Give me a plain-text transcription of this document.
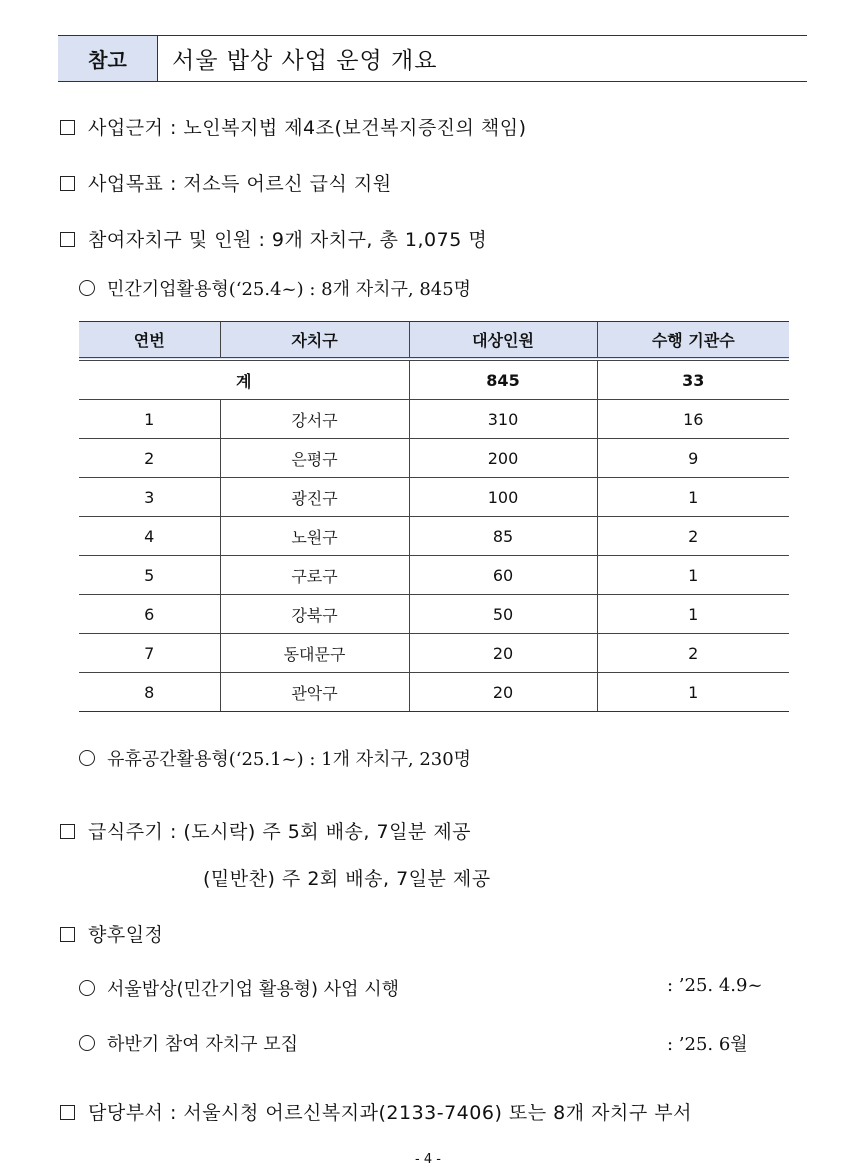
참고	서울 밥상 사업 운영 개요
사업근거 : 노인복지법 제4조(보건복지증진의 책임)
사업목표 : 저소득 어르신 급식 지원
참여자치구 및 인원 : 9개 자치구, 총 1,075 명
민간기업활용형(‘25.4~) : 8개 자치구, 845명
연번	자치구	대상인원	수행 기관수
계		845	33
1	강서구	310	16
2	은평구	200	9
3	광진구	100	1
4	노원구	85	2
5	구로구	60	1
6	강북구	50	1
7	동대문구	20	2
8	관악구	20	1
유휴공간활용형(‘25.1~) : 1개 자치구, 230명
급식주기 : (도시락) 주 5회 배송, 7일분 제공
(밑반찬) 주 2회 배송, 7일분 제공
향후일정
서울밥상(민간기업 활용형) 사업 시행	: ’25. 4.9~
하반기 참여 자치구 모집	: ’25. 6월
담당부서 : 서울시청 어르신복지과(2133-7406) 또는 8개 자치구 부서
- 4 -
